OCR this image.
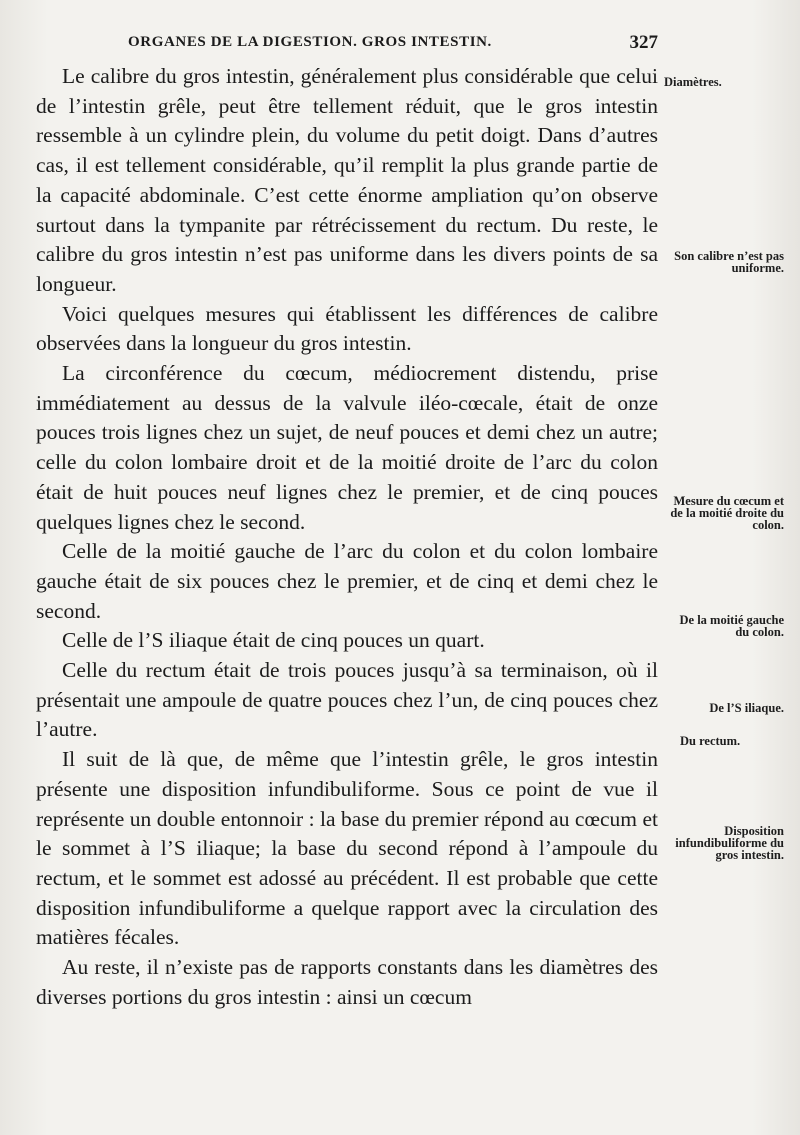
ORGANES DE LA DIGESTION. GROS INTESTIN.	327

Le calibre du gros intestin, généralement plus considérable que celui de l’intestin grêle, peut être tellement réduit, que le gros intestin ressemble à un cylindre plein, du volume du petit doigt. Dans d’autres cas, il est tellement considérable, qu’il remplit la plus grande partie de la capacité abdominale. C’est cette énorme ampliation qu’on observe surtout dans la tympanite par rétrécissement du rectum. Du reste, le calibre du gros intestin n’est pas uniforme dans les divers points de sa longueur.

Voici quelques mesures qui établissent les différences de calibre observées dans la longueur du gros intestin.

La circonférence du cœcum, médiocrement distendu, prise immédiatement au dessus de la valvule iléo-cœcale, était de onze pouces trois lignes chez un sujet, de neuf pouces et demi chez un autre; celle du colon lombaire droit et de la moitié droite de l’arc du colon était de huit pouces neuf lignes chez le premier, et de cinq pouces quelques lignes chez le second.

Celle de la moitié gauche de l’arc du colon et du colon lombaire gauche était de six pouces chez le premier, et de cinq et demi chez le second.

Celle de l’S iliaque était de cinq pouces un quart.

Celle du rectum était de trois pouces jusqu’à sa terminaison, où il présentait une ampoule de quatre pouces chez l’un, de cinq pouces chez l’autre.

Il suit de là que, de même que l’intestin grêle, le gros intestin présente une disposition infundibuliforme. Sous ce point de vue il représente un double entonnoir : la base du premier répond au cœcum et le sommet à l’S iliaque; la base du second répond à l’ampoule du rectum, et le sommet est adossé au précédent. Il est probable que cette disposition infundibuliforme a quelque rapport avec la circulation des matières fécales.

Au reste, il n’existe pas de rapports constants dans les diamètres des diverses portions du gros intestin : ainsi un cœcum

Diamètres.
Son calibre n’est pas uniforme.
Mesure du cœcum et de la moitié droite du colon.
De la moitié gauche du colon.
De l’S iliaque.
Du rectum.
Disposition infundibuliforme du gros intestin.
